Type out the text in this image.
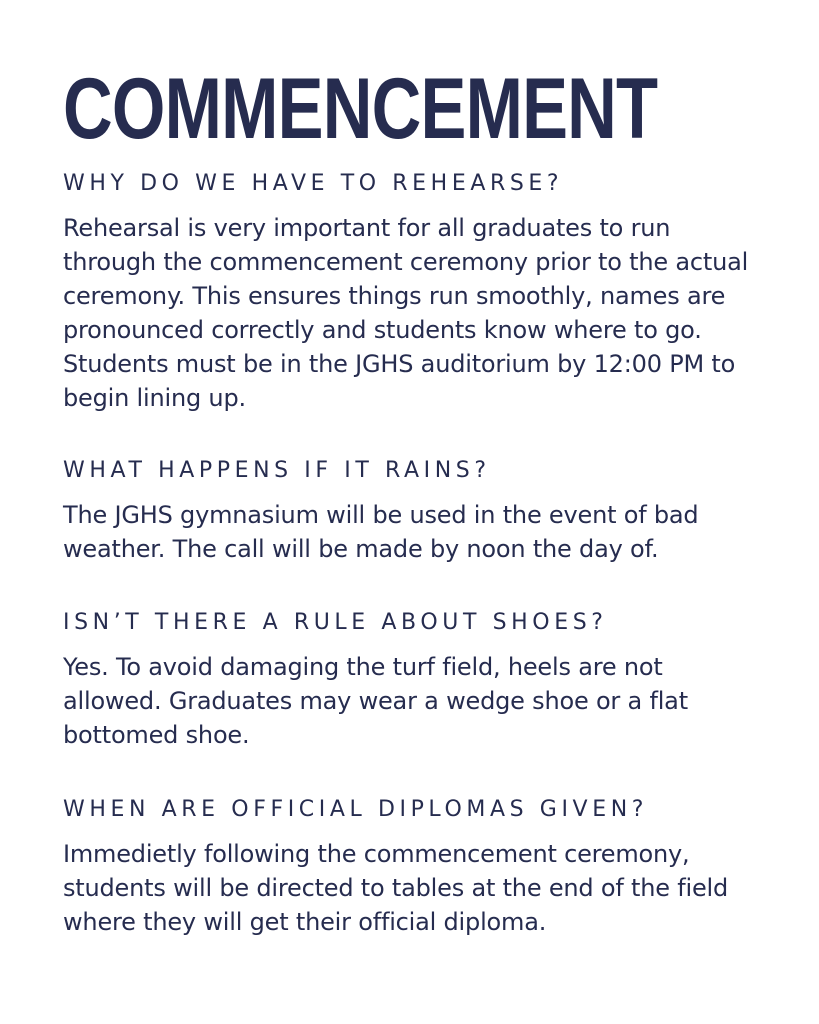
COMMENCEMENT
WHY DO WE HAVE TO REHEARSE?

Rehearsal is very important for all graduates to run through the commencement ceremony prior to the actual ceremony. This ensures things run smoothly, names are pronounced correctly and students know where to go. Students must be in the JGHS auditorium by 12:00 PM to begin lining up.

WHAT HAPPENS IF IT RAINS?

The JGHS gymnasium will be used in the event of bad weather. The call will be made by noon the day of.

ISN’T THERE A RULE ABOUT SHOES?

Yes. To avoid damaging the turf field, heels are not allowed. Graduates may wear a wedge shoe or a flat bottomed shoe.

WHEN ARE OFFICIAL DIPLOMAS GIVEN?

Immedietly following the commencement ceremony, students will be directed to tables at the end of the field where they will get their official diploma.
